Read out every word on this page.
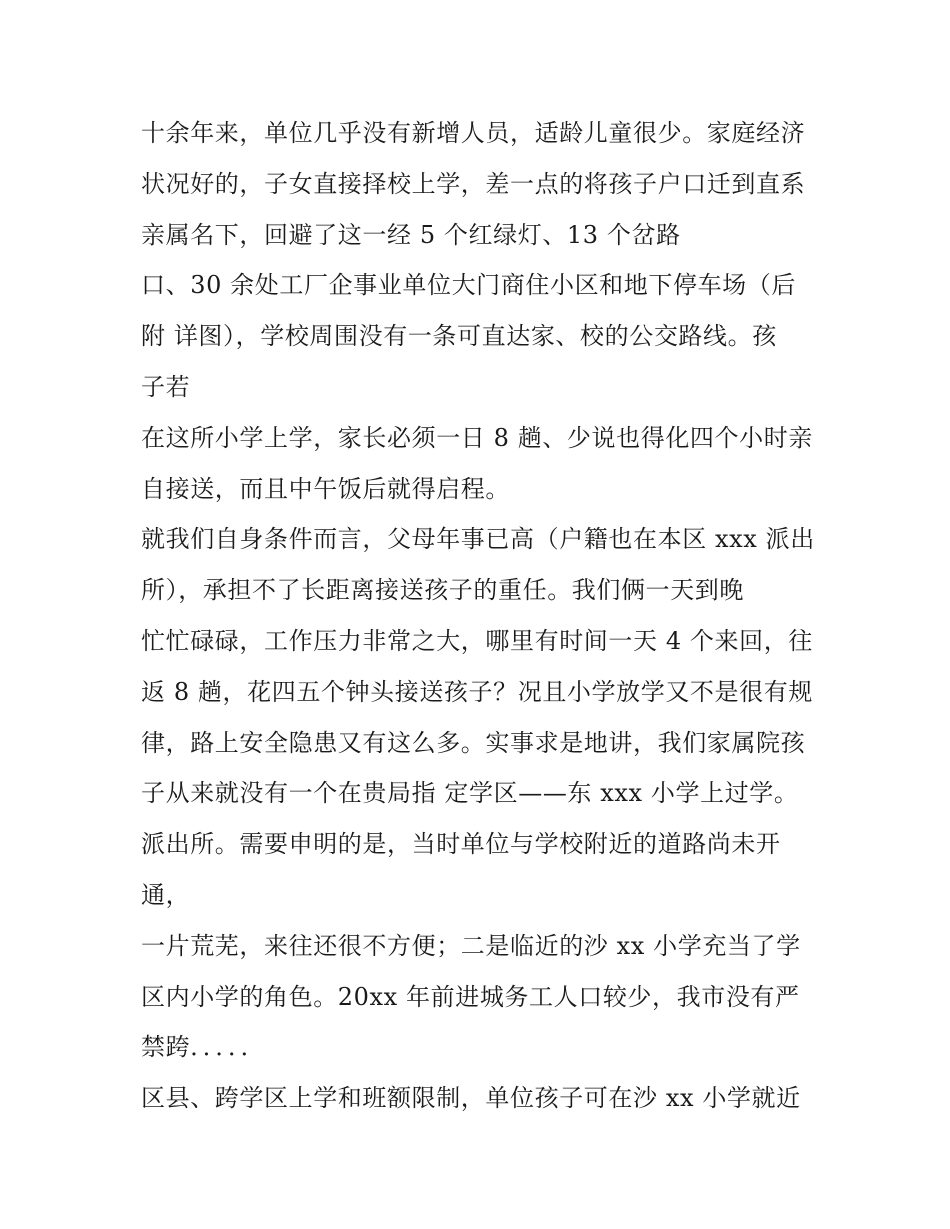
十余年来，单位几乎没有新增人员，适龄儿童很少。家庭经济
状况好的，子女直接择校上学，差一点的将孩子户口迁到直系
亲属名下，回避了这一经 5 个红绿灯、13 个岔路
口、30 余处工厂企事业单位大门商住小区和地下停车场（后
附 详图），学校周围没有一条可直达家、校的公交路线。孩
子若
在这所小学上学，家长必须一日 8 趟、少说也得化四个小时亲
自接送，而且中午饭后就得启程。
就我们自身条件而言，父母年事已高（户籍也在本区 xxx 派出
所），承担不了长距离接送孩子的重任。我们俩一天到晚
忙忙碌碌，工作压力非常之大，哪里有时间一天 4 个来回，往
返 8 趟，花四五个钟头接送孩子？况且小学放学又不是很有规
律，路上安全隐患又有这么多。实事求是地讲，我们家属院孩
子从来就没有一个在贵局指 定学区——东 xxx 小学上过学。
派出所。需要申明的是，当时单位与学校附近的道路尚未开
通，
一片荒芜，来往还很不方便；二是临近的沙 xx 小学充当了学
区内小学的角色。20xx 年前进城务工人口较少，我市没有严
禁跨．．．．．
区县、跨学区上学和班额限制，单位孩子可在沙 xx 小学就近
